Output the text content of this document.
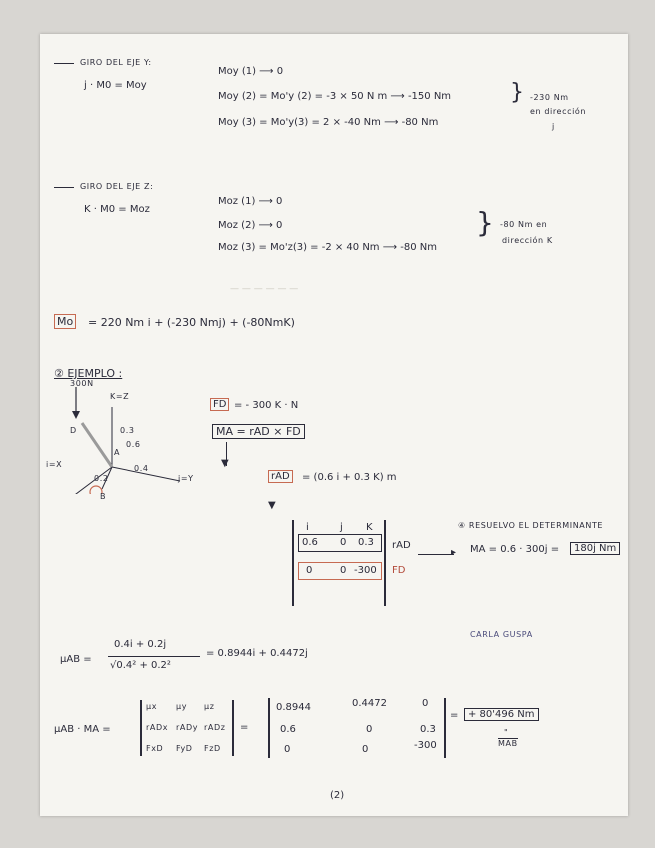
— — — — — —
GIRO DEL EJE Y:
j · M0 = Moy
Moy (1) ⟶ 0
Moy (2) = Mo'y (2) = -3 × 50 N m ⟶ -150 Nm
Moy (3) = Mo'y(3) = 2 × -40 Nm ⟶ -80 Nm
} -230 Nm
en dirección
j
GIRO DEL EJE Z:
K · M0 = Moz
Moz (1) ⟶ 0
Moz (2) ⟶ 0
Moz (3) = Mo'z(3) = -2 × 40 Nm ⟶ -80 Nm
} -80 Nm en
dirección K
Mo = 220 Nm i + (-230 Nmj) + (-80NmK)
② EJEMPLO :
300N
K=Z
j=Y
i=X
D
A
B
0.3
0.6
0.4
0.2
FD = - 300 K · N
MA = rAD × FD
▼
rAD	= (0.6 i + 0.3 K) m
▼
i	j K
0.6 0 0.3
0	0 -300
rAD
FD
▸
④ RESUELVO EL DETERMINANTE
MA = 0.6 · 300j =	180j Nm
CARLA GUSPA
μAB =
0.4i + 0.2j
√0.4² + 0.2²
= 0.8944i + 0.4472j
μAB · MA =
μx μy μz
rADx rADy rADz
FxD FyD FzD
=
0.8944	0.4472	0
0.6	0	0.3
0	0	-300
= + 80'496 Nm
"
MAB
(2)
